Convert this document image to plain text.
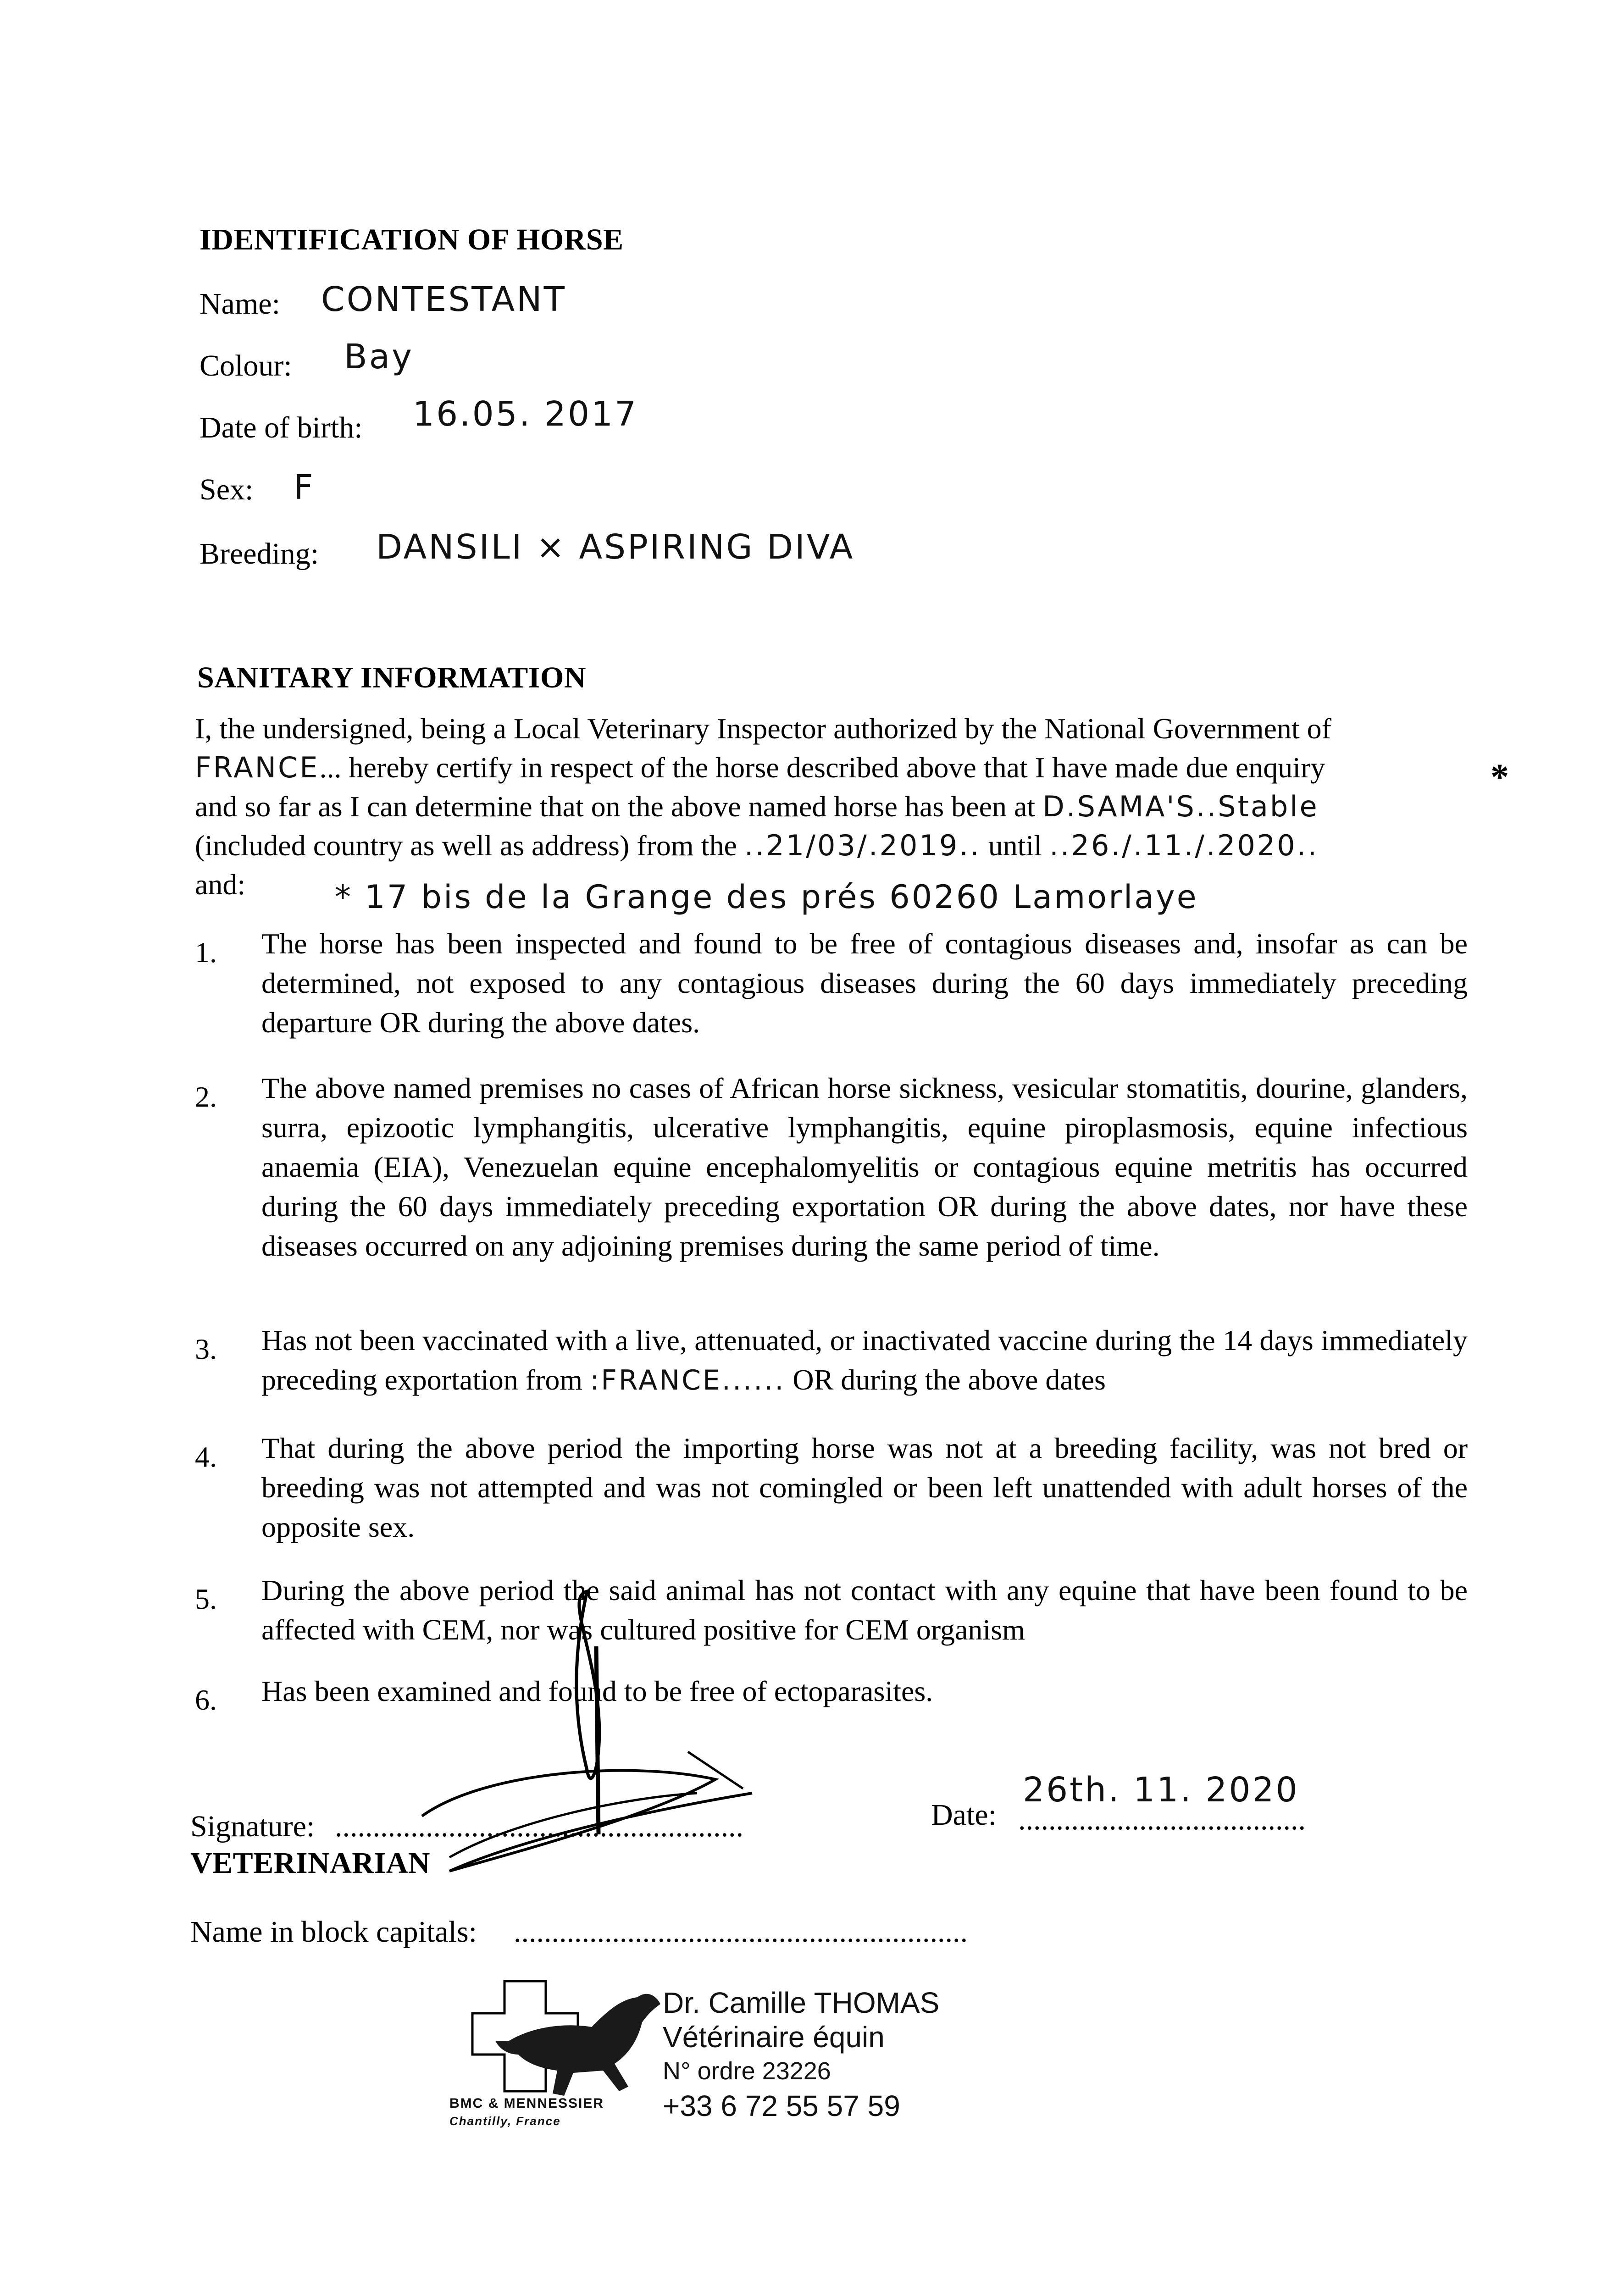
IDENTIFICATION OF HORSE
Name: CONTESTANT
Colour: Bay
Date of birth: 16.05. 2017
Sex: F
Breeding: DANSILI × ASPIRING DIVA
SANITARY INFORMATION
I, the undersigned, being a Local Veterinary Inspector authorized by the National Government of
FRANCE... hereby certify in respect of the horse described above that I have made due enquiry	*
and so far as I can determine that on the above named horse has been at D.SAMA'S..Stable
(included country as well as address) from the ..21/03/.2019.. until ..26./.11./.2020..
and:	* 17 bis de la Grange des prés 60260 Lamorlaye
1. The horse has been inspected and found to be free of contagious diseases and, insofar as can be determined, not exposed to any contagious diseases during the 60 days immediately preceding departure OR during the above dates.
2. The above named premises no cases of African horse sickness, vesicular stomatitis, dourine, glanders, surra, epizootic lymphangitis, ulcerative lymphangitis, equine piroplasmosis, equine infectious anaemia (EIA), Venezuelan equine encephalomyelitis or contagious equine metritis has occurred during the 60 days immediately preceding exportation OR during the above dates, nor have these diseases occurred on any adjoining premises during the same period of time.
3. Has not been vaccinated with a live, attenuated, or inactivated vaccine during the 14 days immediately preceding exportation from :FRANCE...... OR during the above dates
4. That during the above period the importing horse was not at a breeding facility, was not bred or breeding was not attempted and was not comingled or been left unattended with adult horses of the opposite sex.
5. During the above period the said animal has not contact with any equine that have been found to be affected with CEM, nor was cultured positive for CEM organism
6. Has been examined and found to be free of ectoparasites.
Signature: ......................................................	Date: ......................................
26th. 11. 2020
VETERINARIAN
Name in block capitals: ............................................................
Dr. Camille THOMAS
Vétérinaire équin
N° ordre 23226
+33 6 72 55 57 59
BMC & MENNESSIER
Chantilly, France
